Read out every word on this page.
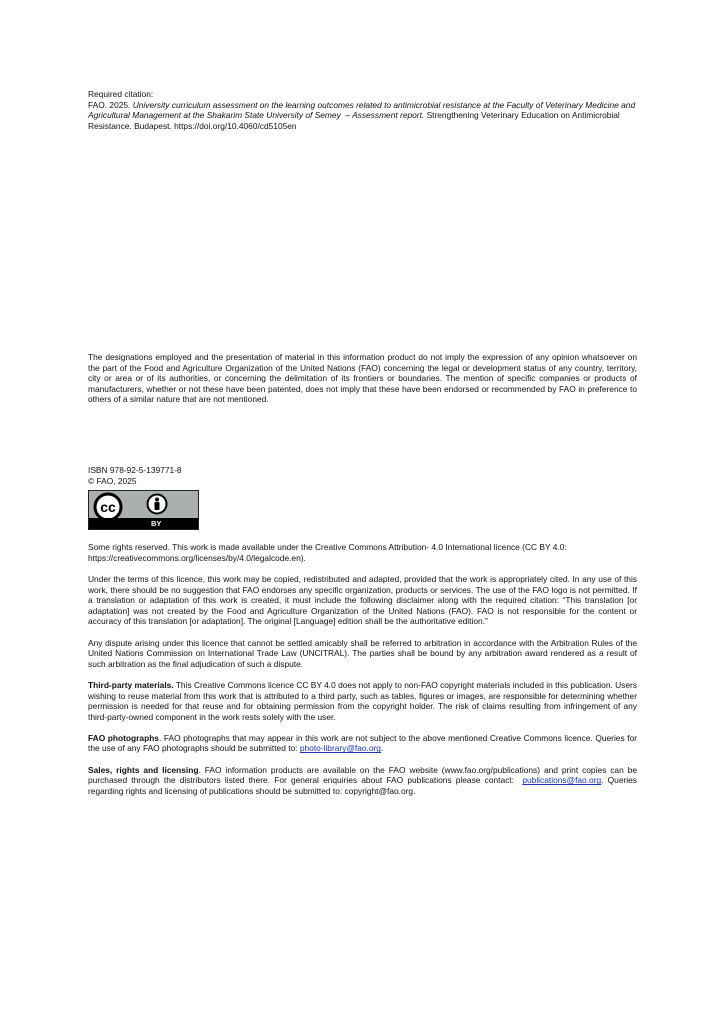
Required citation:

FAO. 2025. University curriculum assessment on the learning outcomes related to antimicrobial resistance at the Faculty of Veterinary Medicine and Agricultural Management at the Shakarim State University of Semey  – Assessment report. Strengthening Veterinary Education on Antimicrobial Resistance. Budapest. https://doi.org/10.4060/cd5105en

The designations employed and the presentation of material in this information product do not imply the expression of any opinion whatsoever on the part of the Food and Agriculture Organization of the United Nations (FAO) concerning the legal or development status of any country, territory, city or area or of its authorities, or concerning the delimitation of its frontiers or boundaries. The mention of specific companies or products of manufacturers, whether or not these have been patented, does not imply that these have been endorsed or recommended by FAO in preference to others of a similar nature that are not mentioned.

ISBN 978-92-5-139771-8

© FAO, 2025

cc
BY

Some rights reserved. This work is made available under the Creative Commons Attribution- 4.0 International licence (CC BY 4.0: https://creativecommons.org/licenses/by/4.0/legalcode.en).

Under the terms of this licence, this work may be copied, redistributed and adapted, provided that the work is appropriately cited. In any use of this work, there should be no suggestion that FAO endorses any specific organization, products or services. The use of the FAO logo is not permitted. If a translation or adaptation of this work is created, it must include the following disclaimer along with the required citation: “This translation [or adaptation] was not created by the Food and Agriculture Organization of the United Nations (FAO). FAO is not responsible for the content or accuracy of this translation [or adaptation]. The original [Language] edition shall be the authoritative edition.”

Any dispute arising under this licence that cannot be settled amicably shall be referred to arbitration in accordance with the Arbitration Rules of the United Nations Commission on International Trade Law (UNCITRAL). The parties shall be bound by any arbitration award rendered as a result of such arbitration as the final adjudication of such a dispute.

Third-party materials. This Creative Commons licence CC BY 4.0 does not apply to non-FAO copyright materials included in this publication. Users wishing to reuse material from this work that is attributed to a third party, such as tables, figures or images, are responsible for determining whether permission is needed for that reuse and for obtaining permission from the copyright holder. The risk of claims resulting from infringement of any third-party-owned component in the work rests solely with the user.

FAO photographs. FAO photographs that may appear in this work are not subject to the above mentioned Creative Commons licence. Queries for the use of any FAO photographs should be submitted to: photo-library@fao.org.

Sales, rights and licensing. FAO information products are available on the FAO website (www.fao.org/publications) and print copies can be purchased through the distributors listed there. For general enquiries about FAO publications please contact:  publications@fao.org. Queries regarding rights and licensing of publications should be submitted to: copyright@fao.org.
